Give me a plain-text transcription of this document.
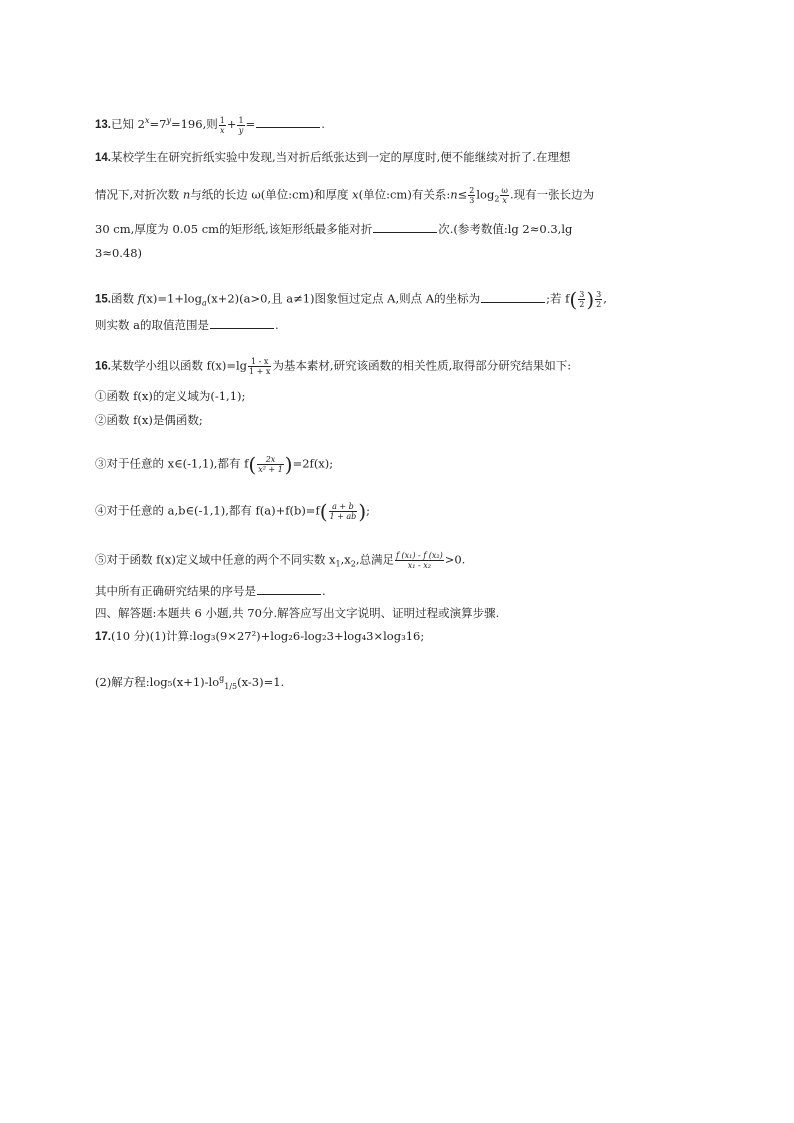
13.已知 $2^x=7^y=196$,则 $\frac{1}{x} + \frac{1}{y}$ =	.
14.某校学生在研究折纸实验中发现,当对折后纸张达到一定的厚度时,便不能继续对折了.在理想
情况下,对折次数 n与纸的长边 ω(单位:cm)和厚度 x(单位:cm)有关系:n≤ $\frac{2}{3} \log_2 \frac{\omega}{x}$ .现有一张长边为
30 cm,厚度为 0.05 cm的矩形纸,该矩形纸最多能对折	次.(参考数值:lg 2≈0.3,lg
3≈0.48)
15.函数 $f(x)=1+\log_a(x+2)(a>0$,且 a≠1)图象恒过定点 A,则点 A的坐标为	;若 $f( \frac{3}{2}$ ) $\frac{3}{2}$ ,
则实数 a的取值范围是	.
16.某数学小组以函数 $f(x)=\lg \frac{1 - x}{1 + x}$ 为基本素材,研究该函数的相关性质,取得部分研究结果如下:
①函数 f(x)的定义域为(-1,1);
②函数 f(x)是偶函数;
③对于任意的 x∈(-1,1),都有 $f( \frac{2x}{\text{x² + 1}} )=2f(x)$;
④对于任意的 a,b∈(-1,1),都有 $f(a)+f(b)=f( \frac{a + b}{1 + ab}$ );
⑤对于函数 f(x)定义域中任意的两个不同实数 $x_1,x_2$,总满足 $\frac{\text{f (x₁) - f (x₂)}}{\text{x₁ - x₂}} >0$.
其中所有正确研究结果的序号是	.
四、解答题:本题共 6 小题,共 70分.解答应写出文字说明、证明过程或演算步骤.
17.(10 分)(1)计算:log₃(9×27²)+log₂6-log₂3+log₄3×log₃16;
(2)解方程$:\log_5(x+1)-lo^g_{1/5}(x-3)=1$.
